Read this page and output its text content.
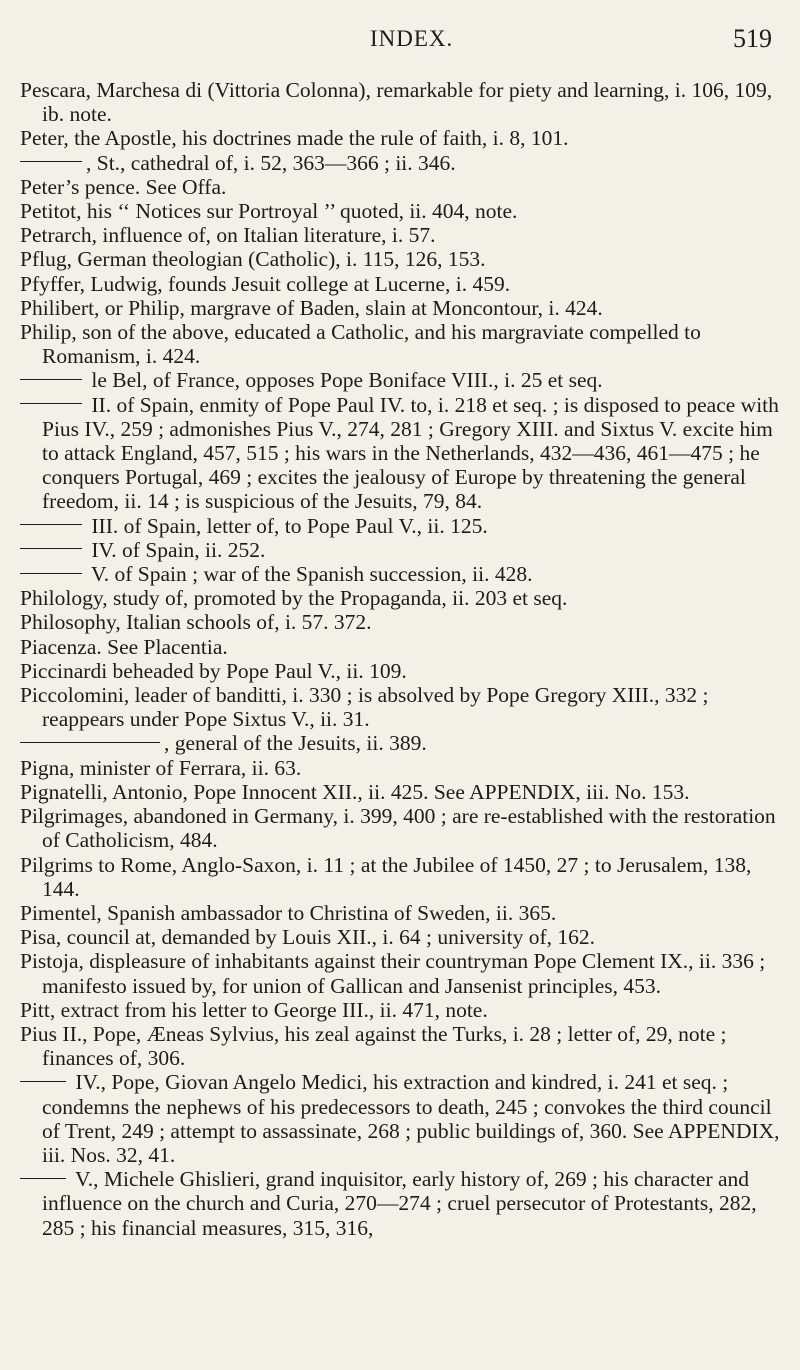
INDEX.	519

Pescara, Marchesa di (Vittoria Colonna), remarkable for piety and learning, i. 106, 109, ib. note.

Peter, the Apostle, his doctrines made the rule of faith, i. 8, 101.

, St., cathedral of, i. 52, 363—366 ; ii. 346.

Peter’s pence. See Offa.

Petitot, his ‘‘ Notices sur Portroyal ’’ quoted, ii. 404, note.

Petrarch, influence of, on Italian literature, i. 57.

Pflug, German theologian (Catholic), i. 115, 126, 153.

Pfyffer, Ludwig, founds Jesuit college at Lucerne, i. 459.

Philibert, or Philip, margrave of Baden, slain at Moncontour, i. 424.

Philip, son of the above, educated a Catholic, and his margraviate compelled to Romanism, i. 424.

le Bel, of France, opposes Pope Boniface VIII., i. 25 et seq.

II. of Spain, enmity of Pope Paul IV. to, i. 218 et seq. ; is disposed to peace with Pius IV., 259 ; admonishes Pius V., 274, 281 ; Gregory XIII. and Sixtus V. excite him to attack England, 457, 515 ; his wars in the Netherlands, 432—436, 461—475 ; he conquers Portugal, 469 ; excites the jealousy of Europe by threatening the general freedom, ii. 14 ; is suspicious of the Jesuits, 79, 84.

III. of Spain, letter of, to Pope Paul V., ii. 125.

IV. of Spain, ii. 252.

V. of Spain ; war of the Spanish succession, ii. 428.

Philology, study of, promoted by the Propaganda, ii. 203 et seq.

Philosophy, Italian schools of, i. 57. 372.

Piacenza. See Placentia.

Piccinardi beheaded by Pope Paul V., ii. 109.

Piccolomini, leader of banditti, i. 330 ; is absolved by Pope Gregory XIII., 332 ; reappears under Pope Sixtus V., ii. 31.

, general of the Jesuits, ii. 389.

Pigna, minister of Ferrara, ii. 63.

Pignatelli, Antonio, Pope Innocent XII., ii. 425. See APPENDIX, iii. No. 153.

Pilgrimages, abandoned in Germany, i. 399, 400 ; are re-established with the restoration of Catholicism, 484.

Pilgrims to Rome, Anglo-Saxon, i. 11 ; at the Jubilee of 1450, 27 ; to Jerusalem, 138, 144.

Pimentel, Spanish ambassador to Christina of Sweden, ii. 365.

Pisa, council at, demanded by Louis XII., i. 64 ; university of, 162.

Pistoja, displeasure of inhabitants against their countryman Pope Clement IX., ii. 336 ; manifesto issued by, for union of Gallican and Jansenist principles, 453.

Pitt, extract from his letter to George III., ii. 471, note.

Pius II., Pope, Æneas Sylvius, his zeal against the Turks, i. 28 ; letter of, 29, note ; finances of, 306.

IV., Pope, Giovan Angelo Medici, his extraction and kindred, i. 241 et seq. ; condemns the nephews of his predecessors to death, 245 ; convokes the third council of Trent, 249 ; attempt to assassinate, 268 ; public buildings of, 360. See APPENDIX, iii. Nos. 32, 41.

V., Michele Ghislieri, grand inquisitor, early history of, 269 ; his character and influence on the church and Curia, 270—274 ; cruel persecutor of Protestants, 282, 285 ; his financial measures, 315, 316,
